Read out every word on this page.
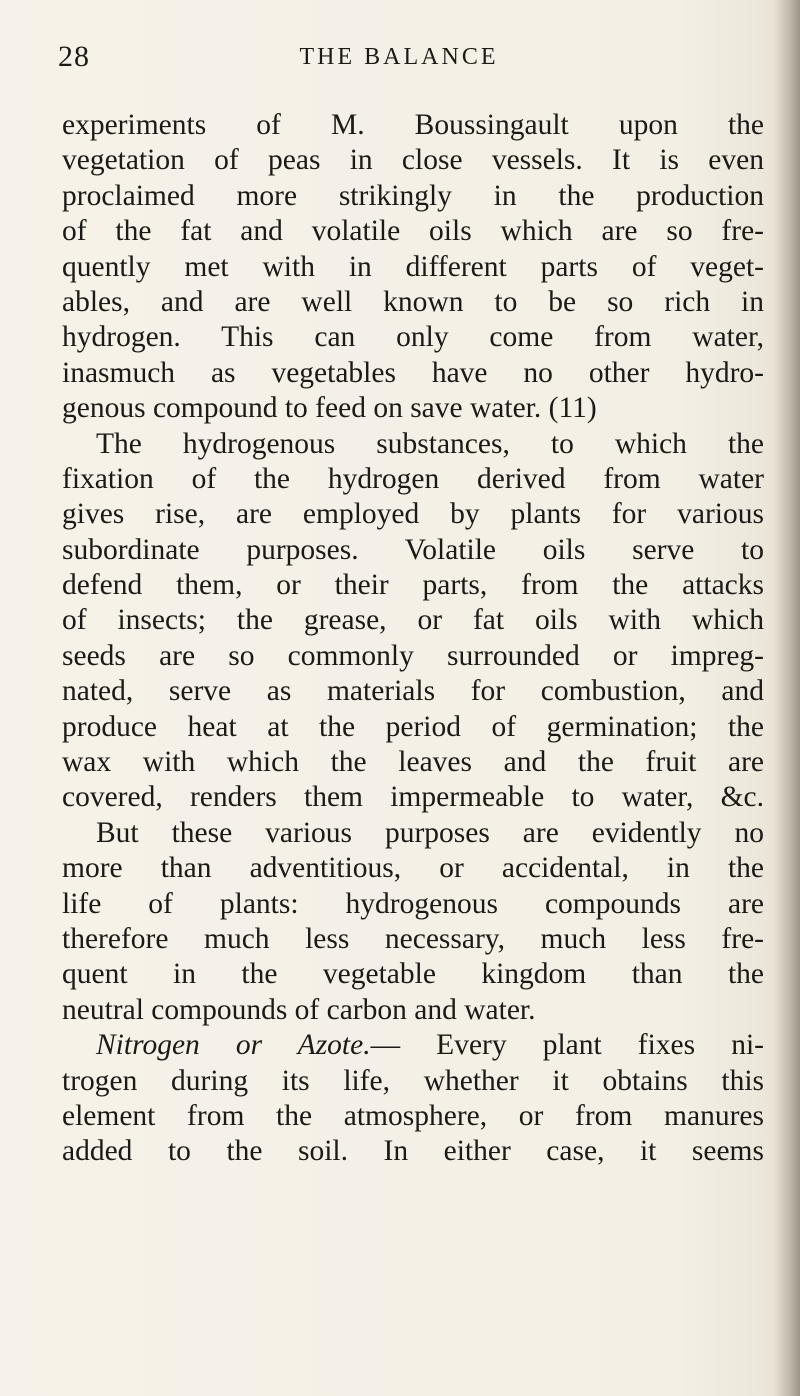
28	THE BALANCE
experiments of M. Boussingault upon the
vegetation of peas in close vessels. It is even
proclaimed more strikingly in the production
of the fat and volatile oils which are so fre-
quently met with in different parts of veget-
ables, and are well known to be so rich in
hydrogen. This can only come from water,
inasmuch as vegetables have no other hydro-
genous compound to feed on save water. (11)
The hydrogenous substances, to which the
fixation of the hydrogen derived from water
gives rise, are employed by plants for various
subordinate purposes. Volatile oils serve to
defend them, or their parts, from the attacks
of insects; the grease, or fat oils with which
seeds are so commonly surrounded or impreg-
nated, serve as materials for combustion, and
produce heat at the period of germination; the
wax with which the leaves and the fruit are
covered, renders them impermeable to water, &c.
But these various purposes are evidently no
more than adventitious, or accidental, in the
life of plants: hydrogenous compounds are
therefore much less necessary, much less fre-
quent in the vegetable kingdom than the
neutral compounds of carbon and water.
Nitrogen or Azote.— Every plant fixes ni-
trogen during its life, whether it obtains this
element from the atmosphere, or from manures
added to the soil. In either case, it seems
